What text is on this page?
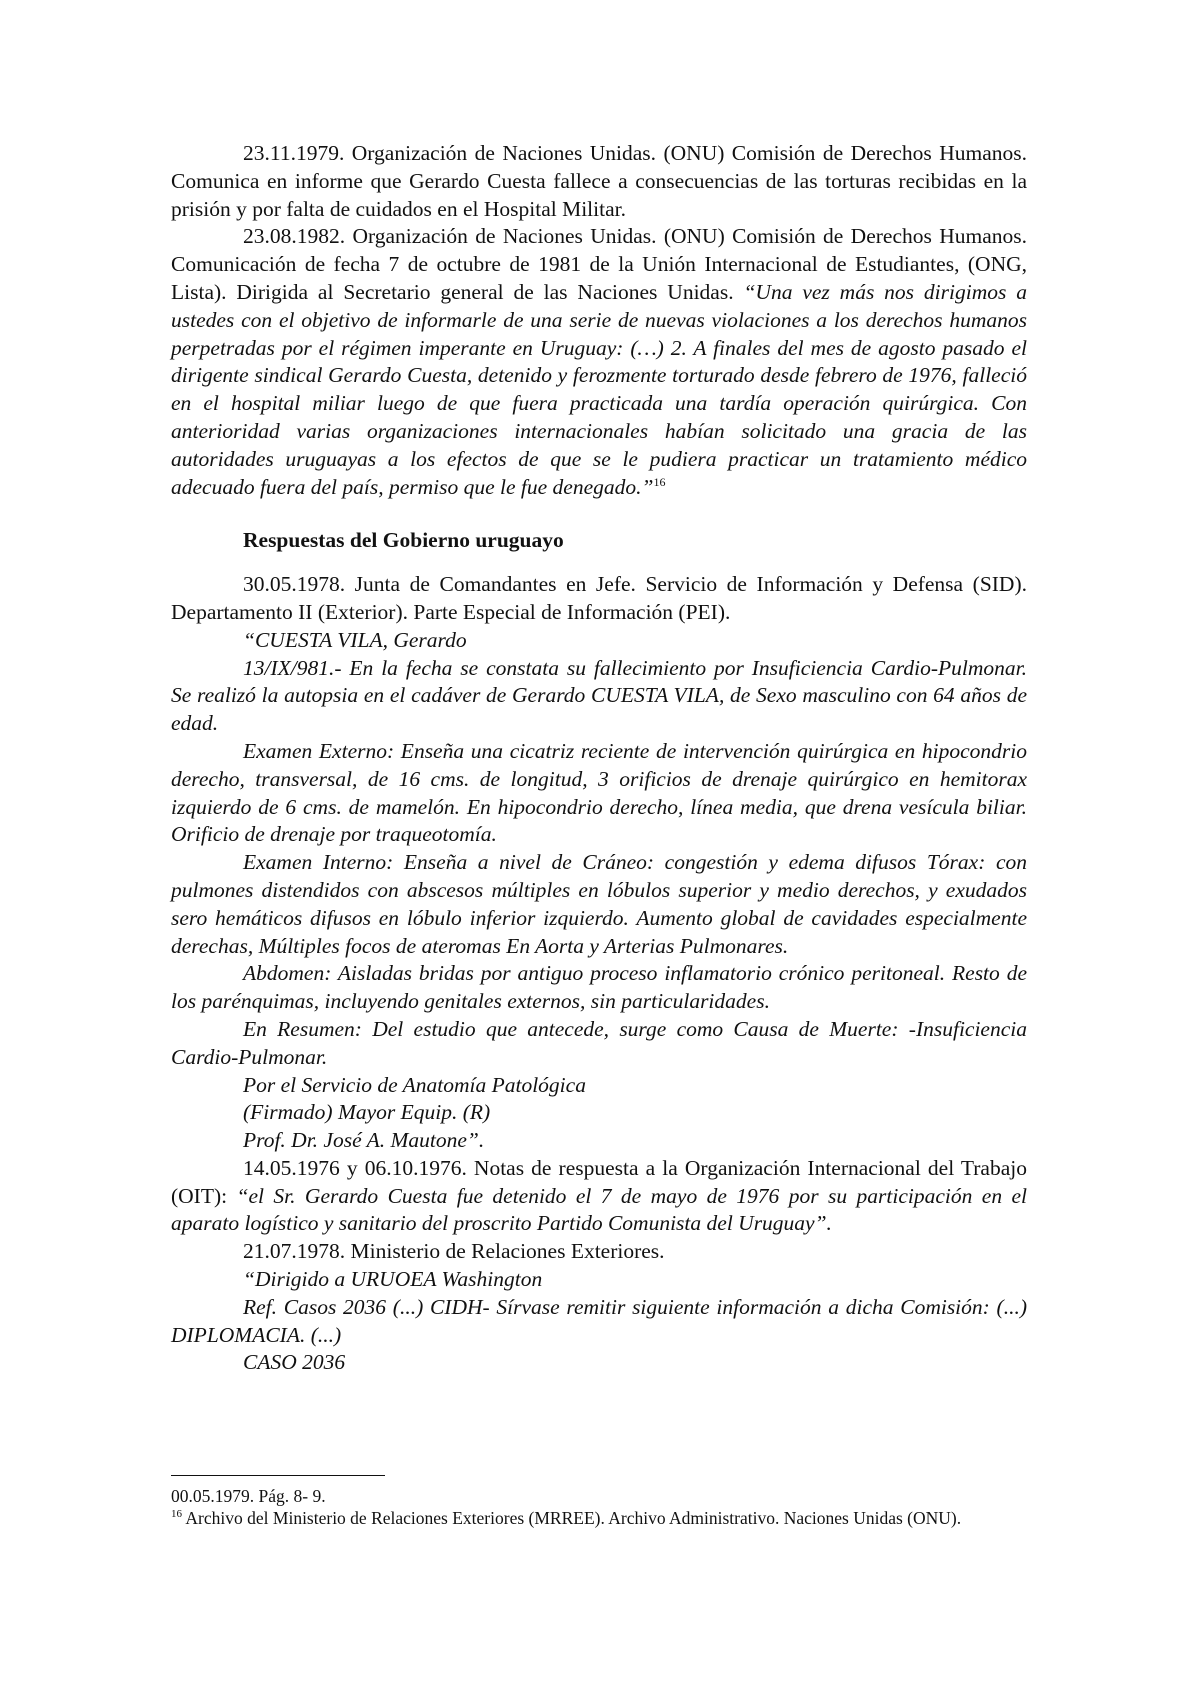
23.11.1979. Organización de Naciones Unidas. (ONU) Comisión de Derechos Humanos. Comunica en informe que Gerardo Cuesta fallece a consecuencias de las torturas recibidas en la prisión y por falta de cuidados en el Hospital Militar.

23.08.1982. Organización de Naciones Unidas. (ONU) Comisión de Derechos Humanos. Comunicación de fecha 7 de octubre de 1981 de la Unión Internacional de Estudiantes, (ONG, Lista). Dirigida al Secretario general de las Naciones Unidas. “Una vez más nos dirigimos a ustedes con el objetivo de informarle de una serie de nuevas violaciones a los derechos humanos perpetradas por el régimen imperante en Uruguay: (…) 2. A finales del mes de agosto pasado el dirigente sindical Gerardo Cuesta, detenido y ferozmente torturado desde febrero de 1976, falleció en el hospital miliar luego de que fuera practicada una tardía operación quirúrgica. Con anterioridad varias organizaciones internacionales habían solicitado una gracia de las autoridades uruguayas a los efectos de que se le pudiera practicar un tratamiento médico adecuado fuera del país, permiso que le fue denegado.”$^{16}$

Respuestas del Gobierno uruguayo

30.05.1978. Junta de Comandantes en Jefe. Servicio de Información y Defensa (SID). Departamento II (Exterior). Parte Especial de Información (PEI).

“CUESTA VILA, Gerardo

13/IX/981.- En la fecha se constata su fallecimiento por Insuficiencia Cardio-Pulmonar. Se realizó la autopsia en el cadáver de Gerardo CUESTA VILA, de Sexo masculino con 64 años de edad.

Examen Externo: Enseña una cicatriz reciente de intervención quirúrgica en hipocondrio derecho, transversal, de 16 cms. de longitud, 3 orificios de drenaje quirúrgico en hemitorax izquierdo de 6 cms. de mamelón. En hipocondrio derecho, línea media, que drena vesícula biliar. Orificio de drenaje por traqueotomía.

Examen Interno: Enseña a nivel de Cráneo: congestión y edema difusos Tórax: con pulmones distendidos con abscesos múltiples en lóbulos superior y medio derechos, y exudados sero hemáticos difusos en lóbulo inferior izquierdo. Aumento global de cavidades especialmente derechas, Múltiples focos de ateromas En Aorta y Arterias Pulmonares.

Abdomen: Aisladas bridas por antiguo proceso inflamatorio crónico peritoneal. Resto de los parénquimas, incluyendo genitales externos, sin particularidades.

En Resumen: Del estudio que antecede, surge como Causa de Muerte: -Insuficiencia Cardio-Pulmonar.

Por el Servicio de Anatomía Patológica

(Firmado) Mayor Equip. (R)

Prof. Dr. José A. Mautone”.

14.05.1976 y 06.10.1976. Notas de respuesta a la Organización Internacional del Trabajo (OIT): “el Sr. Gerardo Cuesta fue detenido el 7 de mayo de 1976 por su participación en el aparato logístico y sanitario del proscrito Partido Comunista del Uruguay”.

21.07.1978. Ministerio de Relaciones Exteriores.

“Dirigido a URUOEA Washington

Ref. Casos 2036 (...) CIDH- Sírvase remitir siguiente información a dicha Comisión: (...) DIPLOMACIA. (...)

CASO 2036

00.05.1979. Pág. 8- 9.

$^{16}$ Archivo del Ministerio de Relaciones Exteriores (MRREE). Archivo Administrativo. Naciones Unidas (ONU).
